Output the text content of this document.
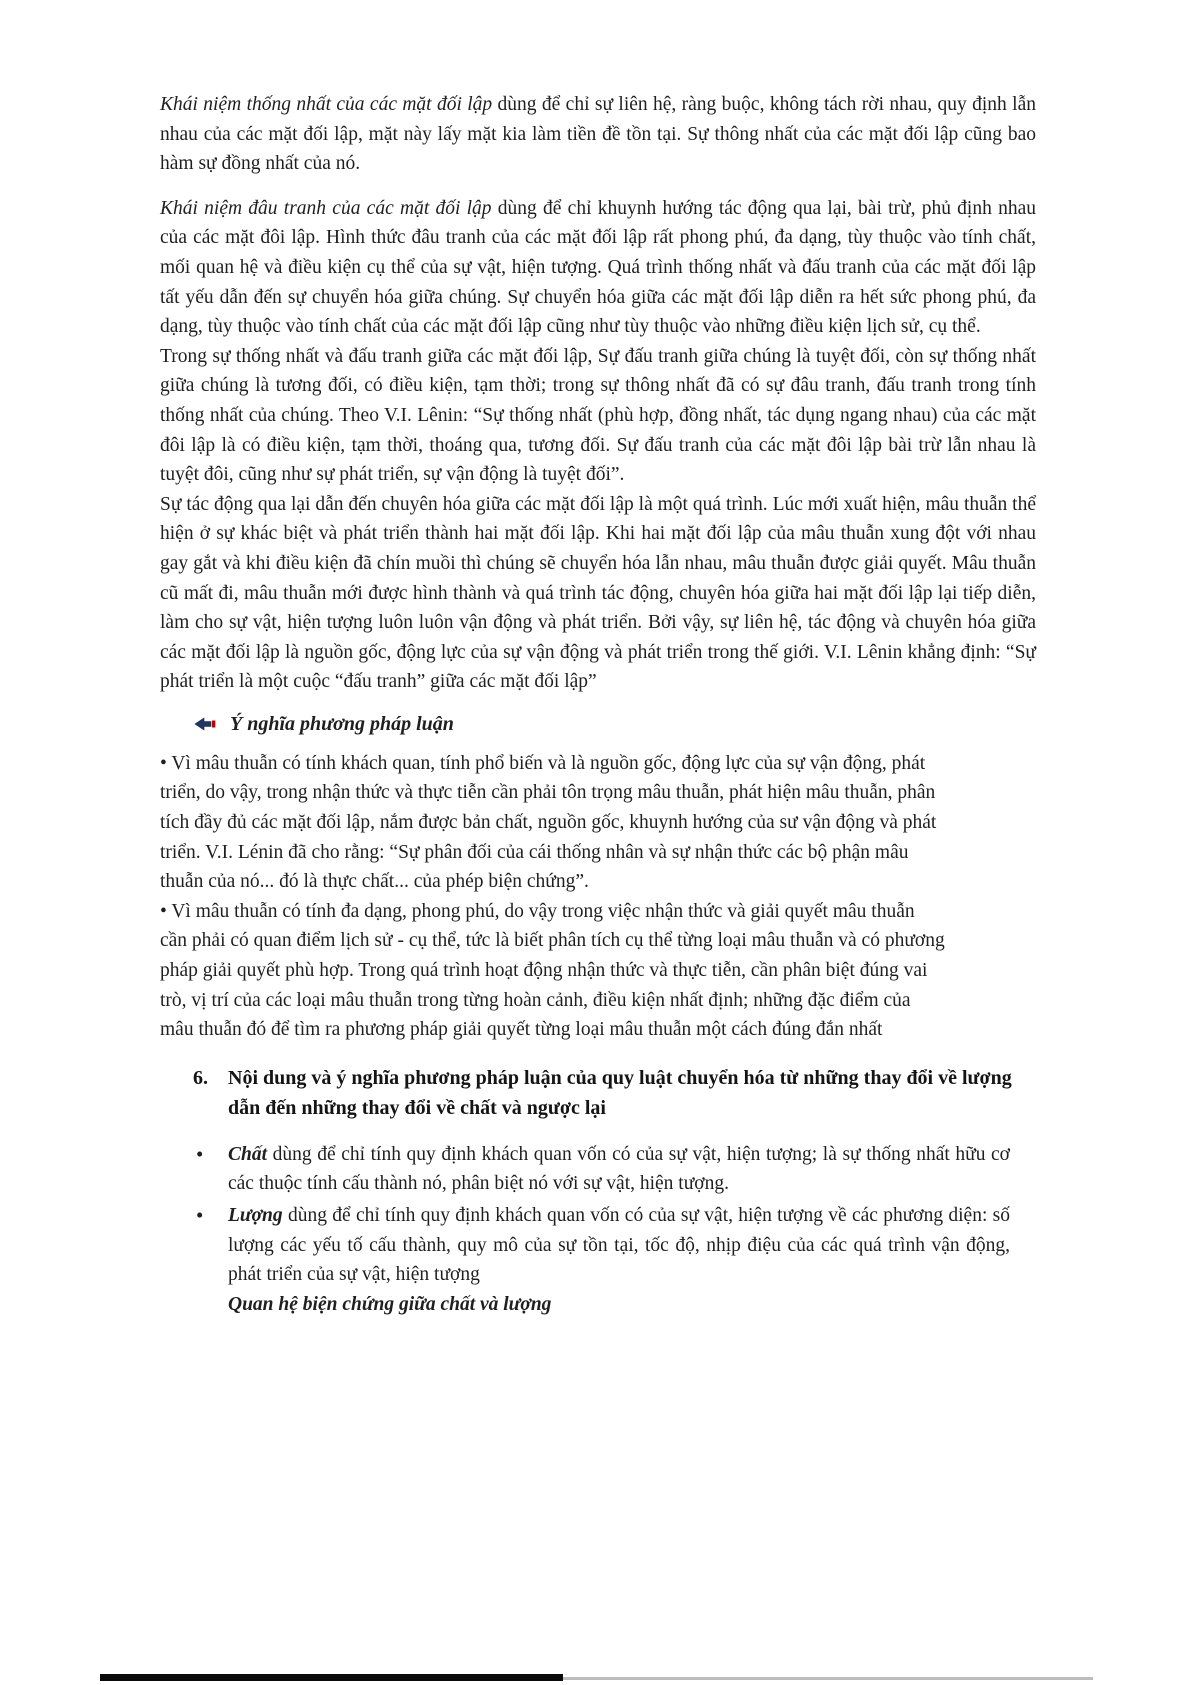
Khái niệm thống nhất của các mặt đối lập dùng để chỉ sự liên hệ, ràng buộc, không tách rời nhau, quy định lẫn nhau của các mặt đối lập, mặt này lấy mặt kia làm tiền đề tồn tại. Sự thông nhất của các mặt đối lập cũng bao hàm sự đồng nhất của nó.

Khái niệm đâu tranh của các mặt đối lập dùng để chỉ khuynh hướng tác động qua lại, bài trừ, phủ định nhau của các mặt đôi lập. Hình thức đâu tranh của các mặt đối lập rất phong phú, đa dạng, tùy thuộc vào tính chất, mối quan hệ và điều kiện cụ thể của sự vật, hiện tượng. Quá trình thống nhất và đấu tranh của các mặt đối lập tất yếu dẫn đến sự chuyển hóa giữa chúng. Sự chuyển hóa giữa các mặt đối lập diễn ra hết sức phong phú, đa dạng, tùy thuộc vào tính chất của các mặt đối lập cũng như tùy thuộc vào những điều kiện lịch sử, cụ thể.

Trong sự thống nhất và đấu tranh giữa các mặt đối lập, Sự đấu tranh giữa chúng là tuyệt đối, còn sự thống nhất giữa chúng là tương đối, có điều kiện, tạm thời; trong sự thông nhất đã có sự đâu tranh, đấu tranh trong tính thống nhất của chúng. Theo V.I. Lênin: “Sự thống nhất (phù hợp, đồng nhất, tác dụng ngang nhau) của các mặt đôi lập là có điều kiện, tạm thời, thoáng qua, tương đối. Sự đấu tranh của các mặt đôi lập bài trừ lẫn nhau là tuyệt đôi, cũng như sự phát triển, sự vận động là tuyệt đối”.

Sự tác động qua lại dẫn đến chuyên hóa giữa các mặt đối lập là một quá trình. Lúc mới xuất hiện, mâu thuẫn thể hiện ở sự khác biệt và phát triển thành hai mặt đối lập. Khi hai mặt đối lập của mâu thuẫn xung đột với nhau gay gắt và khi điều kiện đã chín muồi thì chúng sẽ chuyển hóa lẫn nhau, mâu thuẫn được giải quyết. Mâu thuẫn cũ mất đi, mâu thuẫn mới được hình thành và quá trình tác động, chuyên hóa giữa hai mặt đối lập lại tiếp diễn, làm cho sự vật, hiện tượng luôn luôn vận động và phát triển. Bởi vậy, sự liên hệ, tác động và chuyên hóa giữa các mặt đối lập là nguồn gốc, động lực của sự vận động và phát triển trong thế giới. V.I. Lênin khẳng định: “Sự phát triển là một cuộc “đấu tranh” giữa các mặt đối lập”

Ý nghĩa phương pháp luận

• Vì mâu thuẫn có tính khách quan, tính phổ biến và là nguồn gốc, động lực của sự vận động, phát triển, do vậy, trong nhận thức và thực tiễn cần phải tôn trọng mâu thuẫn, phát hiện mâu thuẫn, phân tích đầy đủ các mặt đối lập, nắm được bản chất, nguồn gốc, khuynh hướng của sư vận động và phát triển. V.I. Lénin đã cho rằng: “Sự phân đối của cái thống nhân và sự nhận thức các bộ phận mâu thuẫn của nó... đó là thực chất... của phép biện chứng”.

• Vì mâu thuẫn có tính đa dạng, phong phú, do vậy trong việc nhận thức và giải quyết mâu thuẫn cần phải có quan điểm lịch sử - cụ thể, tức là biết phân tích cụ thể từng loại mâu thuẫn và có phương pháp giải quyết phù hợp. Trong quá trình hoạt động nhận thức và thực tiễn, cần phân biệt đúng vai trò, vị trí của các loại mâu thuẫn trong từng hoàn cảnh, điều kiện nhất định; những đặc điểm của mâu thuẫn đó để tìm ra phương pháp giải quyết từng loại mâu thuẫn một cách đúng đắn nhất

6.	Nội dung và ý nghĩa phương pháp luận của quy luật chuyển hóa từ những thay đổi về lượng dẫn đến những thay đổi về chất và ngược lại
•	Chất dùng để chỉ tính quy định khách quan vốn có của sự vật, hiện tượng; là sự thống nhất hữu cơ các thuộc tính cấu thành nó, phân biệt nó với sự vật, hiện tượng.
•	Lượng dùng để chỉ tính quy định khách quan vốn có của sự vật, hiện tượng về các phương diện: số lượng các yếu tố cấu thành, quy mô của sự tồn tại, tốc độ, nhịp điệu của các quá trình vận động, phát triển của sự vật, hiện tượng
Quan hệ biện chứng giữa chất và lượng
